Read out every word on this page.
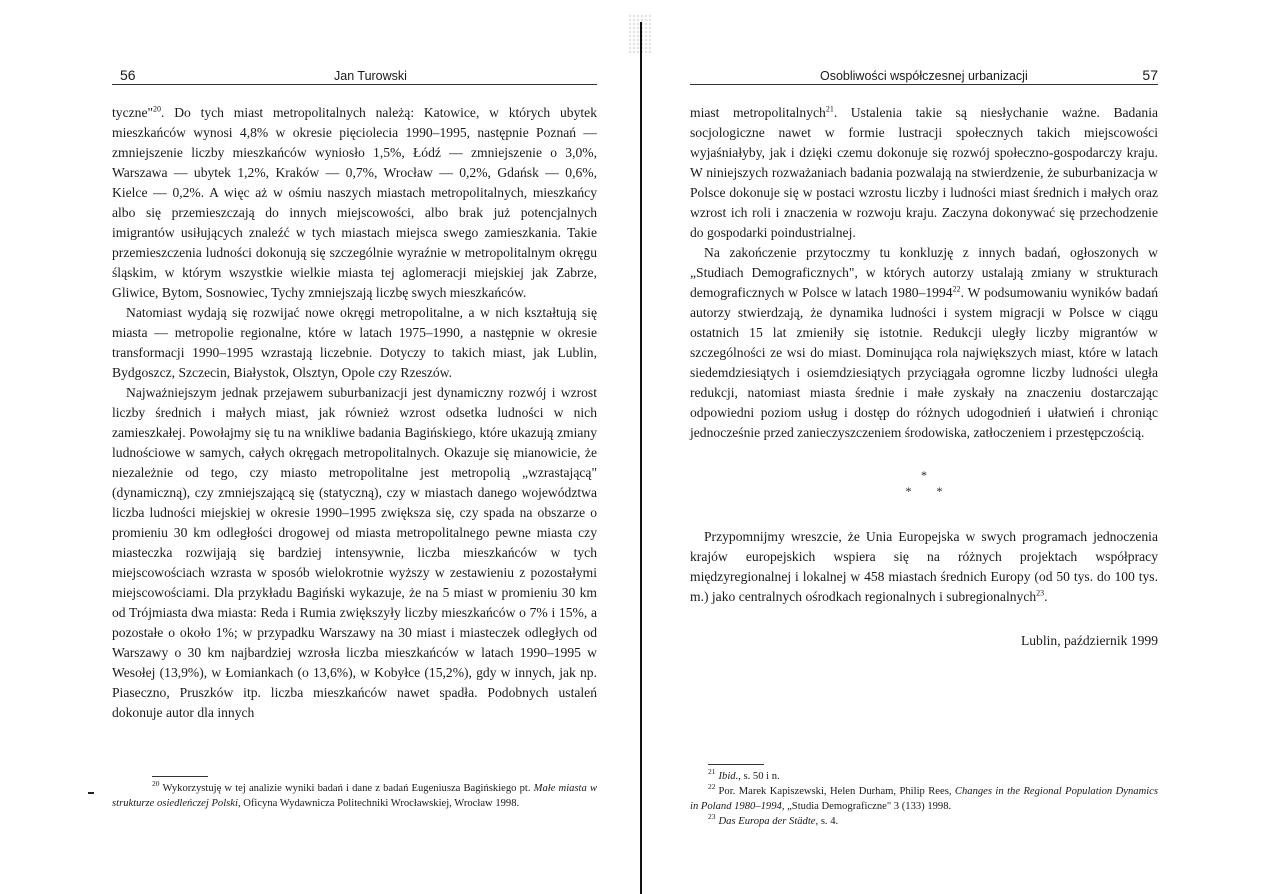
56	Jan Turowski

tyczne"$^{20}$. Do tych miast metropolitalnych należą: Katowice, w których ubytek mieszkańców wynosi 4,8% w okresie pięciolecia 1990–1995, następnie Poznań — zmniejszenie liczby mieszkańców wyniosło 1,5%, Łódź — zmniejszenie o 3,0%, Warszawa — ubytek 1,2%, Kraków — 0,7%, Wrocław — 0,2%, Gdańsk — 0,6%, Kielce — 0,2%. A więc aż w ośmiu naszych miastach metropolitalnych, mieszkańcy albo się przemieszczają do innych miejscowości, albo brak już potencjalnych imigrantów usiłujących znaleźć w tych miastach miejsca swego zamieszkania. Takie przemieszczenia ludności dokonują się szczególnie wyraźnie w metropolitalnym okręgu śląskim, w którym wszystkie wielkie miasta tej aglomeracji miejskiej jak Zabrze, Gliwice, Bytom, Sosnowiec, Tychy zmniejszają liczbę swych mieszkańców.

Natomiast wydają się rozwijać nowe okręgi metropolitalne, a w nich kształtują się miasta — metropolie regionalne, które w latach 1975–1990, a następnie w okresie transformacji 1990–1995 wzrastają liczebnie. Dotyczy to takich miast, jak Lublin, Bydgoszcz, Szczecin, Białystok, Olsztyn, Opole czy Rzeszów.

Najważniejszym jednak przejawem suburbanizacji jest dynamiczny rozwój i wzrost liczby średnich i małych miast, jak również wzrost odsetka ludności w nich zamieszkałej. Powołajmy się tu na wnikliwe badania Bagińskiego, które ukazują zmiany ludnościowe w samych, całych okręgach metropolitalnych. Okazuje się mianowicie, że niezależnie od tego, czy miasto metropolitalne jest metropolią „wzrastającą" (dynamiczną), czy zmniejszającą się (statyczną), czy w miastach danego województwa liczba ludności miejskiej w okresie 1990–1995 zwiększa się, czy spada na obszarze o promieniu 30 km odległości drogowej od miasta metropolitalnego pewne miasta czy miasteczka rozwijają się bardziej intensywnie, liczba mieszkańców w tych miejscowościach wzrasta w sposób wielokrotnie wyższy w zestawieniu z pozostałymi miejscowościami. Dla przykładu Bagiński wykazuje, że na 5 miast w promieniu 30 km od Trójmiasta dwa miasta: Reda i Rumia zwiększyły liczby mieszkańców o 7% i 15%, a pozostałe o około 1%; w przypadku Warszawy na 30 miast i miasteczek odległych od Warszawy o 30 km najbardziej wzrosła liczba mieszkańców w latach 1990–1995 w Wesołej (13,9%), w Łomiankach (o 13,6%), w Kobyłce (15,2%), gdy w innych, jak np. Piaseczno, Pruszków itp. liczba mieszkańców nawet spadła. Podobnych ustaleń dokonuje autor dla innych

$^{20}$ Wykorzystuję w tej analizie wyniki badań i dane z badań Eugeniusza Bagińskiego pt. Małe miasta w strukturze osiedleńczej Polski, Oficyna Wydawnicza Politechniki Wrocławskiej, Wrocław 1998.
Osobliwości współczesnej urbanizacji	57

miast metropolitalnych$^{21}$. Ustalenia takie są niesłychanie ważne. Badania socjologiczne nawet w formie lustracji społecznych takich miejscowości wyjaśniałyby, jak i dzięki czemu dokonuje się rozwój społeczno-gospodarczy kraju. W niniejszych rozważaniach badania pozwalają na stwierdzenie, że suburbanizacja w Polsce dokonuje się w postaci wzrostu liczby i ludności miast średnich i małych oraz wzrost ich roli i znaczenia w rozwoju kraju. Zaczyna dokonywać się przechodzenie do gospodarki poindustrialnej.

Na zakończenie przytoczmy tu konkluzję z innych badań, ogłoszonych w „Studiach Demograficznych", w których autorzy ustalają zmiany w strukturach demograficznych w Polsce w latach 1980–1994$^{22}$. W podsumowaniu wyników badań autorzy stwierdzają, że dynamika ludności i system migracji w Polsce w ciągu ostatnich 15 lat zmieniły się istotnie. Redukcji uległy liczby migrantów w szczególności ze wsi do miast. Dominująca rola największych miast, które w latach siedemdziesiątych i osiemdziesiątych przyciągała ogromne liczby ludności uległa redukcji, natomiast miasta średnie i małe zyskały na znaczeniu dostarczając odpowiedni poziom usług i dostęp do różnych udogodnień i ułatwień i chroniąc jednocześnie przed zanieczyszczeniem środowiska, zatłoczeniem i przestępczością.

*
* *

Przypomnijmy wreszcie, że Unia Europejska w swych programach jednoczenia krajów europejskich wspiera się na różnych projektach współpracy międzyregionalnej i lokalnej w 458 miastach średnich Europy (od 50 tys. do 100 tys. m.) jako centralnych ośrodkach regionalnych i subregionalnych$^{23}$.

Lublin, październik 1999
$^{21}$ Ibid., s. 50 i n.
$^{22}$ Por. Marek Kapiszewski, Helen Durham, Philip Rees, Changes in the Regional Population Dynamics in Poland 1980–1994, „Studia Demograficzne" 3 (133) 1998.
$^{23}$ Das Europa der Städte, s. 4.
